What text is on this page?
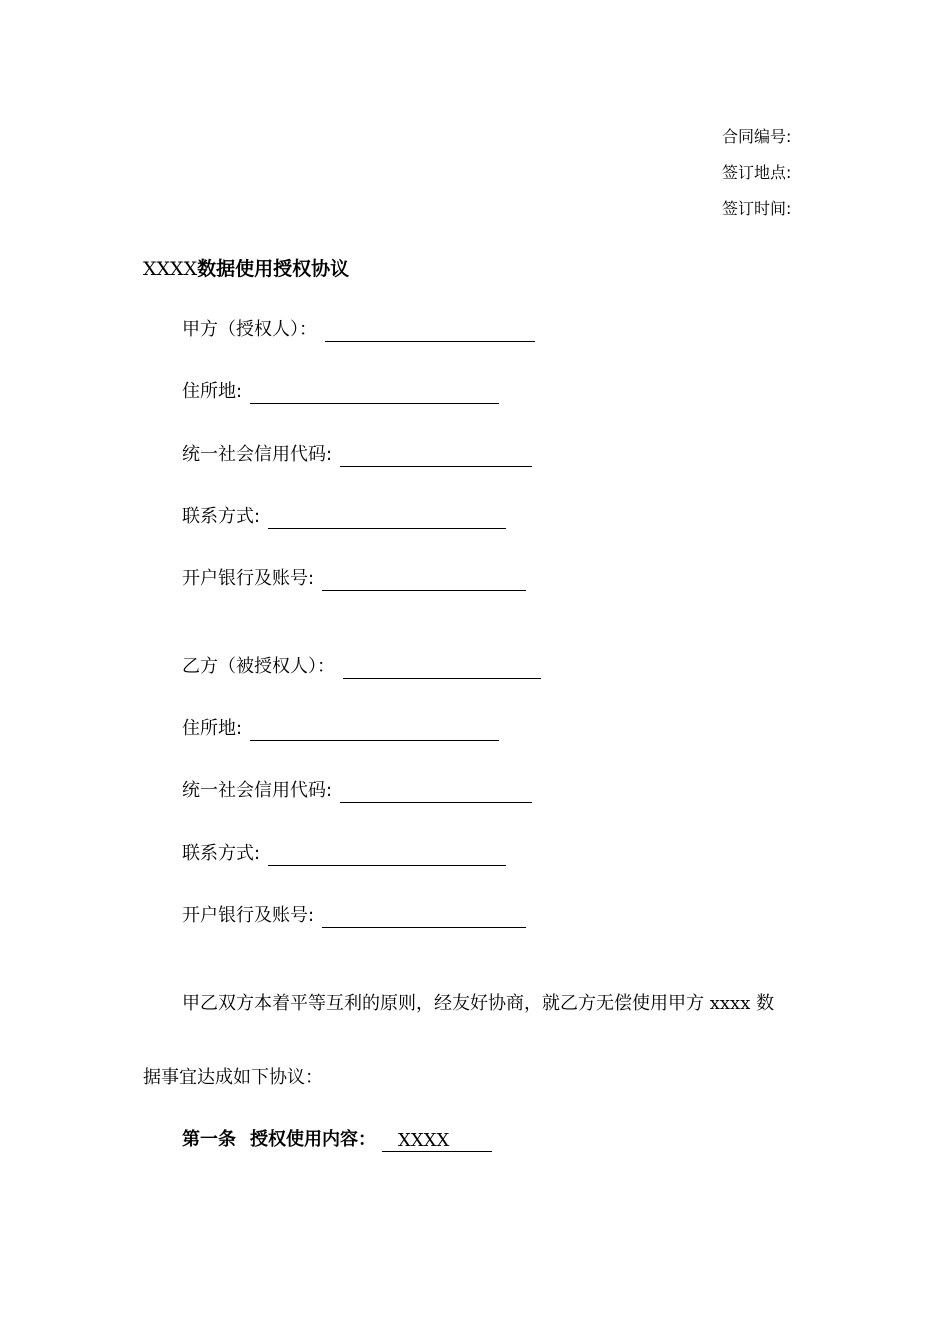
合同编号:
签订地点:
签订时间:
XXXX数据使用授权协议
甲方（授权人）：
住所地:
统一社会信用代码:
联系方式:
开户银行及账号:
乙方（被授权人）：
住所地:
统一社会信用代码:
联系方式:
开户银行及账号:
甲乙双方本着平等互利的原则，经友好协商，就乙方无偿使用甲方 xxxx 数
据事宜达成如下协议：
第一条 授权使用内容：	XXXX
